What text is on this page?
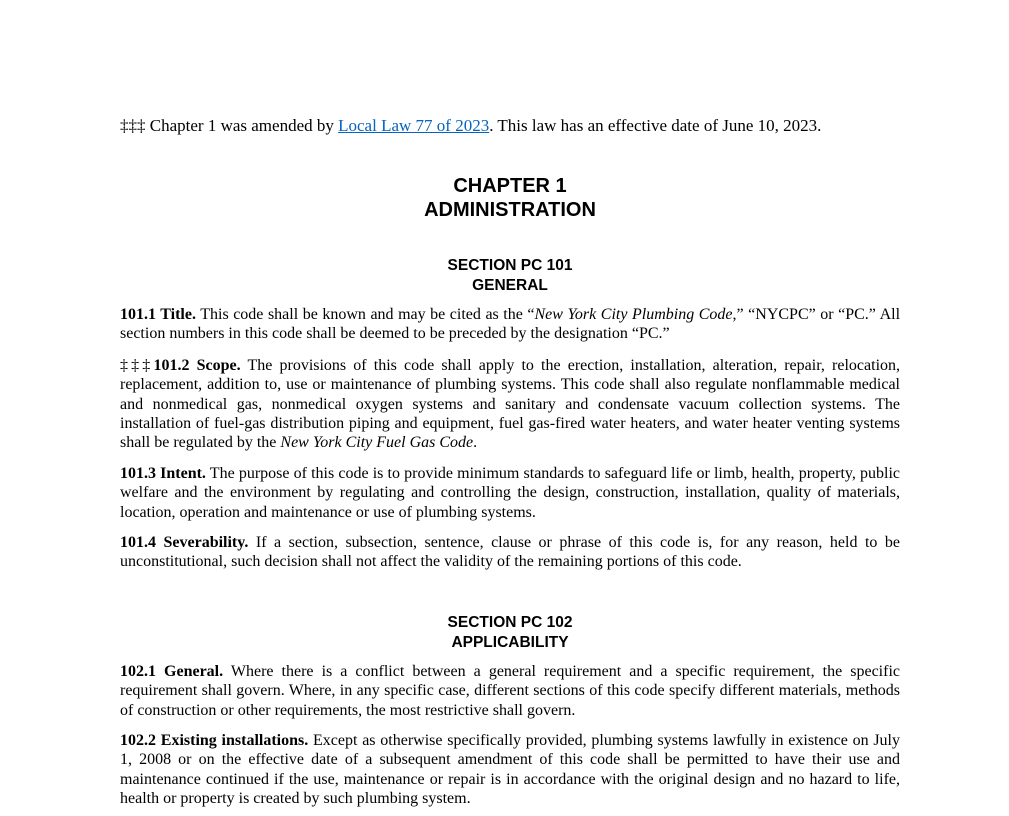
‡‡‡ Chapter 1 was amended by Local Law 77 of 2023. This law has an effective date of June 10, 2023.
CHAPTER 1
ADMINISTRATION
SECTION PC 101
GENERAL
101.1 Title. This code shall be known and may be cited as the “New York City Plumbing Code,” “NYCPC” or “PC.” All section numbers in this code shall be deemed to be preceded by the designation “PC.”
‡‡‡101.2 Scope. The provisions of this code shall apply to the erection, installation, alteration, repair, relocation, replacement, addition to, use or maintenance of plumbing systems. This code shall also regulate nonflammable medical and nonmedical gas, nonmedical oxygen systems and sanitary and condensate vacuum collection systems. The installation of fuel-gas distribution piping and equipment, fuel gas-fired water heaters, and water heater venting systems shall be regulated by the New York City Fuel Gas Code.
101.3 Intent. The purpose of this code is to provide minimum standards to safeguard life or limb, health, property, public welfare and the environment by regulating and controlling the design, construction, installation, quality of materials, location, operation and maintenance or use of plumbing systems.
101.4 Severability. If a section, subsection, sentence, clause or phrase of this code is, for any reason, held to be unconstitutional, such decision shall not affect the validity of the remaining portions of this code.
SECTION PC 102
APPLICABILITY
102.1 General. Where there is a conflict between a general requirement and a specific requirement, the specific requirement shall govern. Where, in any specific case, different sections of this code specify different materials, methods of construction or other requirements, the most restrictive shall govern.
102.2 Existing installations. Except as otherwise specifically provided, plumbing systems lawfully in existence on July 1, 2008 or on the effective date of a subsequent amendment of this code shall be permitted to have their use and maintenance continued if the use, maintenance or repair is in accordance with the original design and no hazard to life, health or property is created by such plumbing system.
